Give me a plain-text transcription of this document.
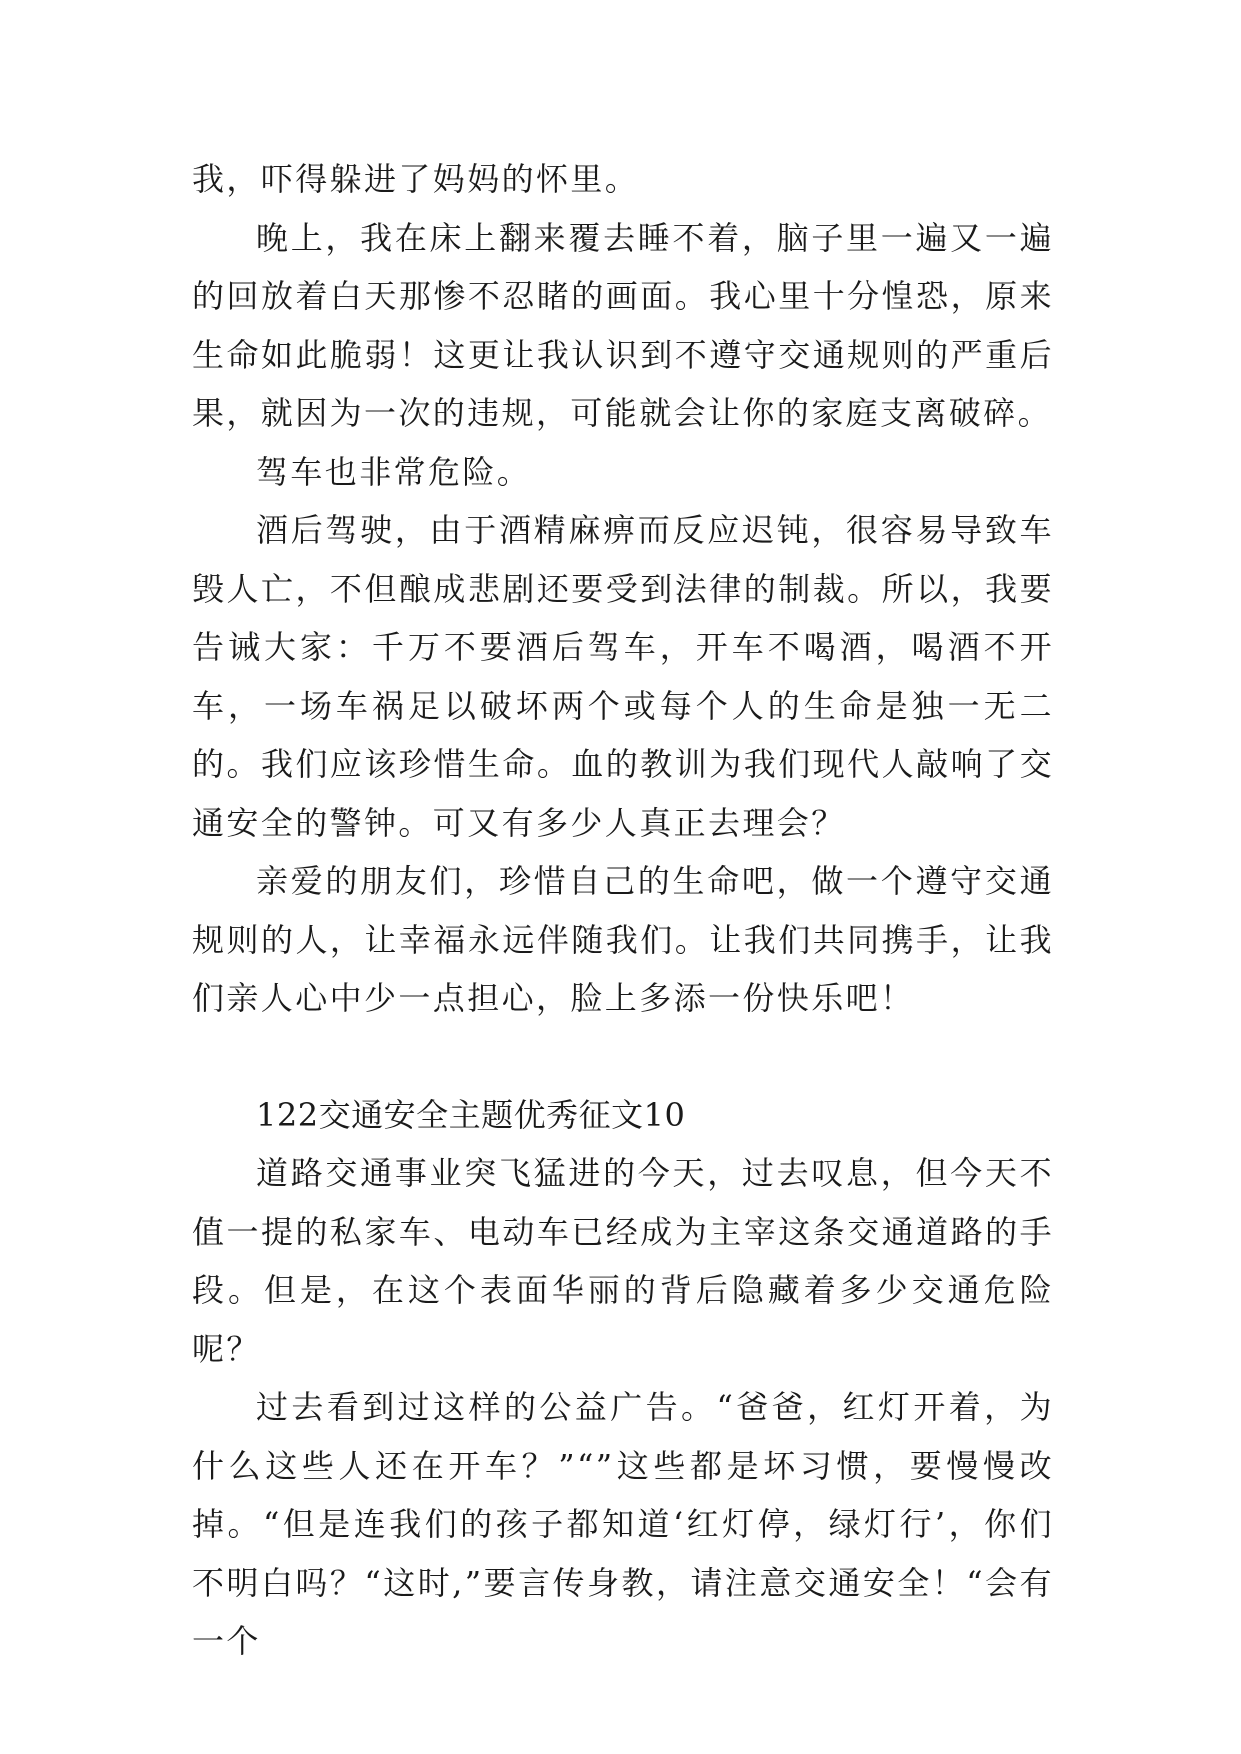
我，吓得躲进了妈妈的怀里。

晚上，我在床上翻来覆去睡不着，脑子里一遍又一遍的回放着白天那惨不忍睹的画面。我心里十分惶恐，原来生命如此脆弱！这更让我认识到不遵守交通规则的严重后果，就因为一次的违规，可能就会让你的家庭支离破碎。

驾车也非常危险。

酒后驾驶，由于酒精麻痹而反应迟钝，很容易导致车毁人亡，不但酿成悲剧还要受到法律的制裁。所以，我要告诫大家：千万不要酒后驾车，开车不喝酒，喝酒不开车，一场车祸足以破坏两个或每个人的生命是独一无二的。我们应该珍惜生命。血的教训为我们现代人敲响了交通安全的警钟。可又有多少人真正去理会？

亲爱的朋友们，珍惜自己的生命吧，做一个遵守交通规则的人，让幸福永远伴随我们。让我们共同携手，让我们亲人心中少一点担心，脸上多添一份快乐吧！

122交通安全主题优秀征文10

道路交通事业突飞猛进的今天，过去叹息，但今天不值一提的私家车、电动车已经成为主宰这条交通道路的手段。但是，在这个表面华丽的背后隐藏着多少交通危险呢？

过去看到过这样的公益广告。“爸爸，红灯开着，为什么这些人还在开车？”“”这些都是坏习惯，要慢慢改掉。“但是连我们的孩子都知道‘红灯停，绿灯行’，你们不明白吗？“这时,”要言传身教，请注意交通安全！“会有一个
